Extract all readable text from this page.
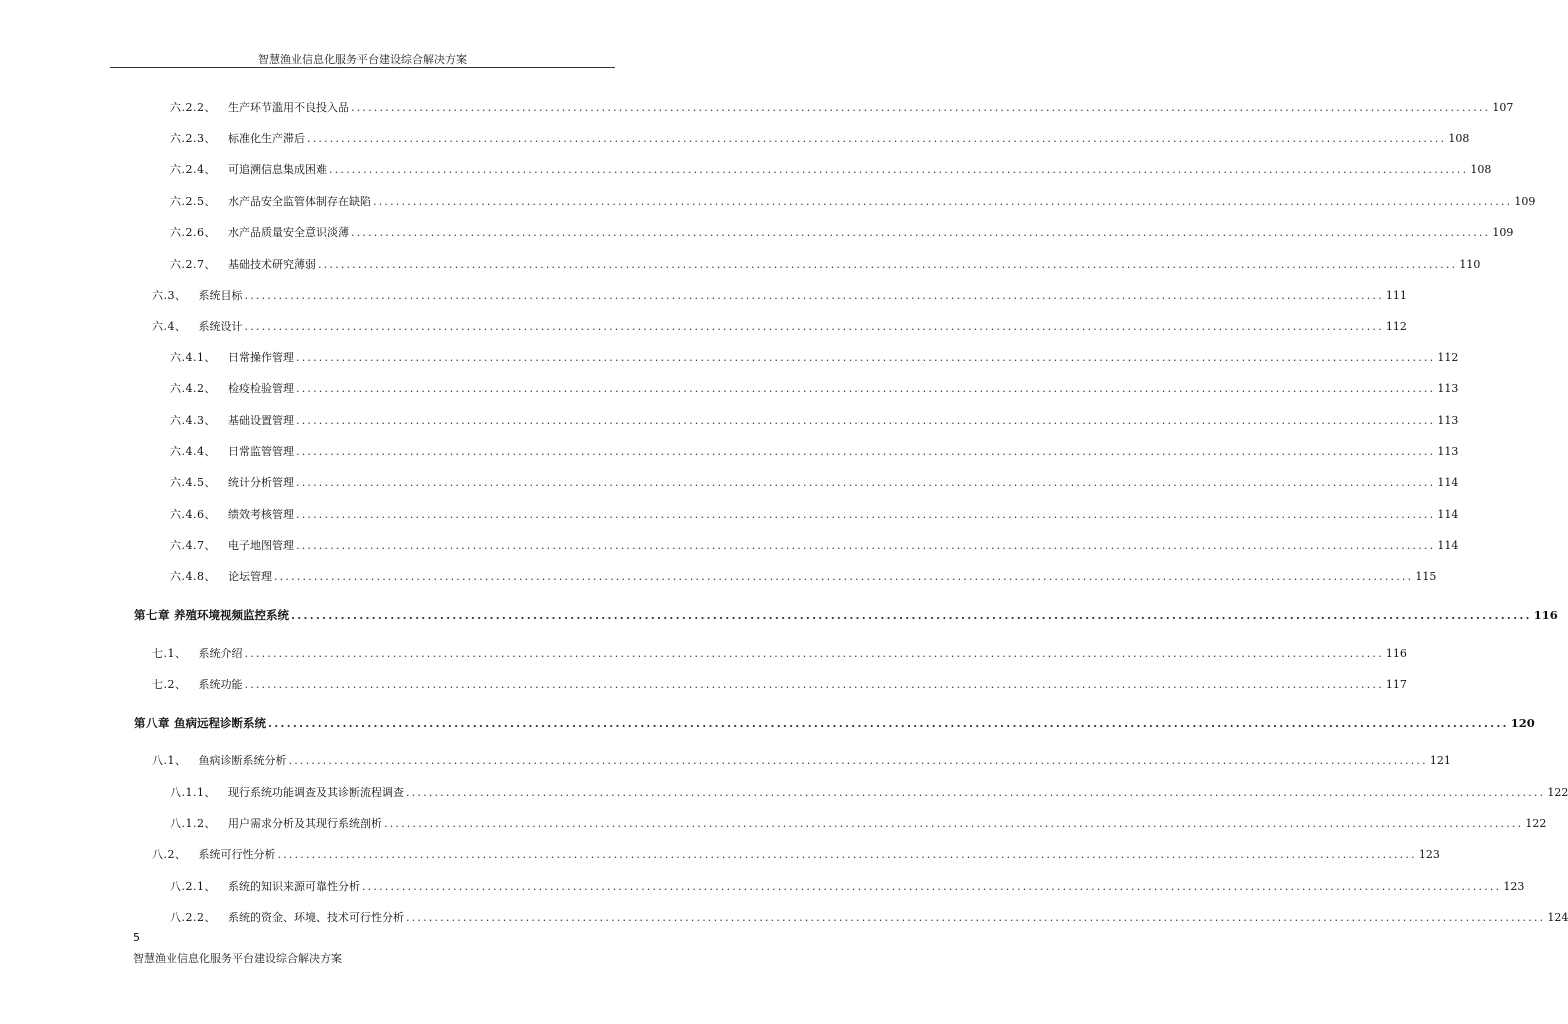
智慧渔业信息化服务平台建设综合解决方案
六.2.2、 生产环节滥用不良投入品 ........................................................................................................................................................................................................ 107
六.2.3、 标准化生产滞后 ........................................................................................................................................................................................................ 108
六.2.4、 可追溯信息集成困难 ........................................................................................................................................................................................................ 108
六.2.5、 水产品安全监管体制存在缺陷 ........................................................................................................................................................................................................ 109
六.2.6、 水产品质量安全意识淡薄 ........................................................................................................................................................................................................ 109
六.2.7、 基础技术研究薄弱 ........................................................................................................................................................................................................ 110
六.3、 系统目标 ........................................................................................................................................................................................................ 111
六.4、 系统设计 ........................................................................................................................................................................................................ 112
六.4.1、 日常操作管理 ........................................................................................................................................................................................................ 112
六.4.2、 检疫检验管理 ........................................................................................................................................................................................................ 113
六.4.3、 基础设置管理 ........................................................................................................................................................................................................ 113
六.4.4、 日常监管管理 ........................................................................................................................................................................................................ 113
六.4.5、 统计分析管理 ........................................................................................................................................................................................................ 114
六.4.6、 绩效考核管理 ........................................................................................................................................................................................................ 114
六.4.7、 电子地图管理 ........................................................................................................................................................................................................ 114
六.4.8、 论坛管理 ........................................................................................................................................................................................................ 115
第七章 养殖环境视频监控系统 ........................................................................................................................................................................................................ 116
七.1、 系统介绍 ........................................................................................................................................................................................................ 116
七.2、 系统功能 ........................................................................................................................................................................................................ 117
第八章 鱼病远程诊断系统 ........................................................................................................................................................................................................ 120
八.1、 鱼病诊断系统分析 ........................................................................................................................................................................................................ 121
八.1.1、 现行系统功能调查及其诊断流程调查 ........................................................................................................................................................................................................ 122
八.1.2、 用户需求分析及其现行系统剖析 ........................................................................................................................................................................................................ 122
八.2、 系统可行性分析 ........................................................................................................................................................................................................ 123
八.2.1、 系统的知识来源可靠性分析 ........................................................................................................................................................................................................ 123
八.2.2、 系统的资金、环境、技术可行性分析 ........................................................................................................................................................................................................ 124
5
智慧渔业信息化服务平台建设综合解决方案
